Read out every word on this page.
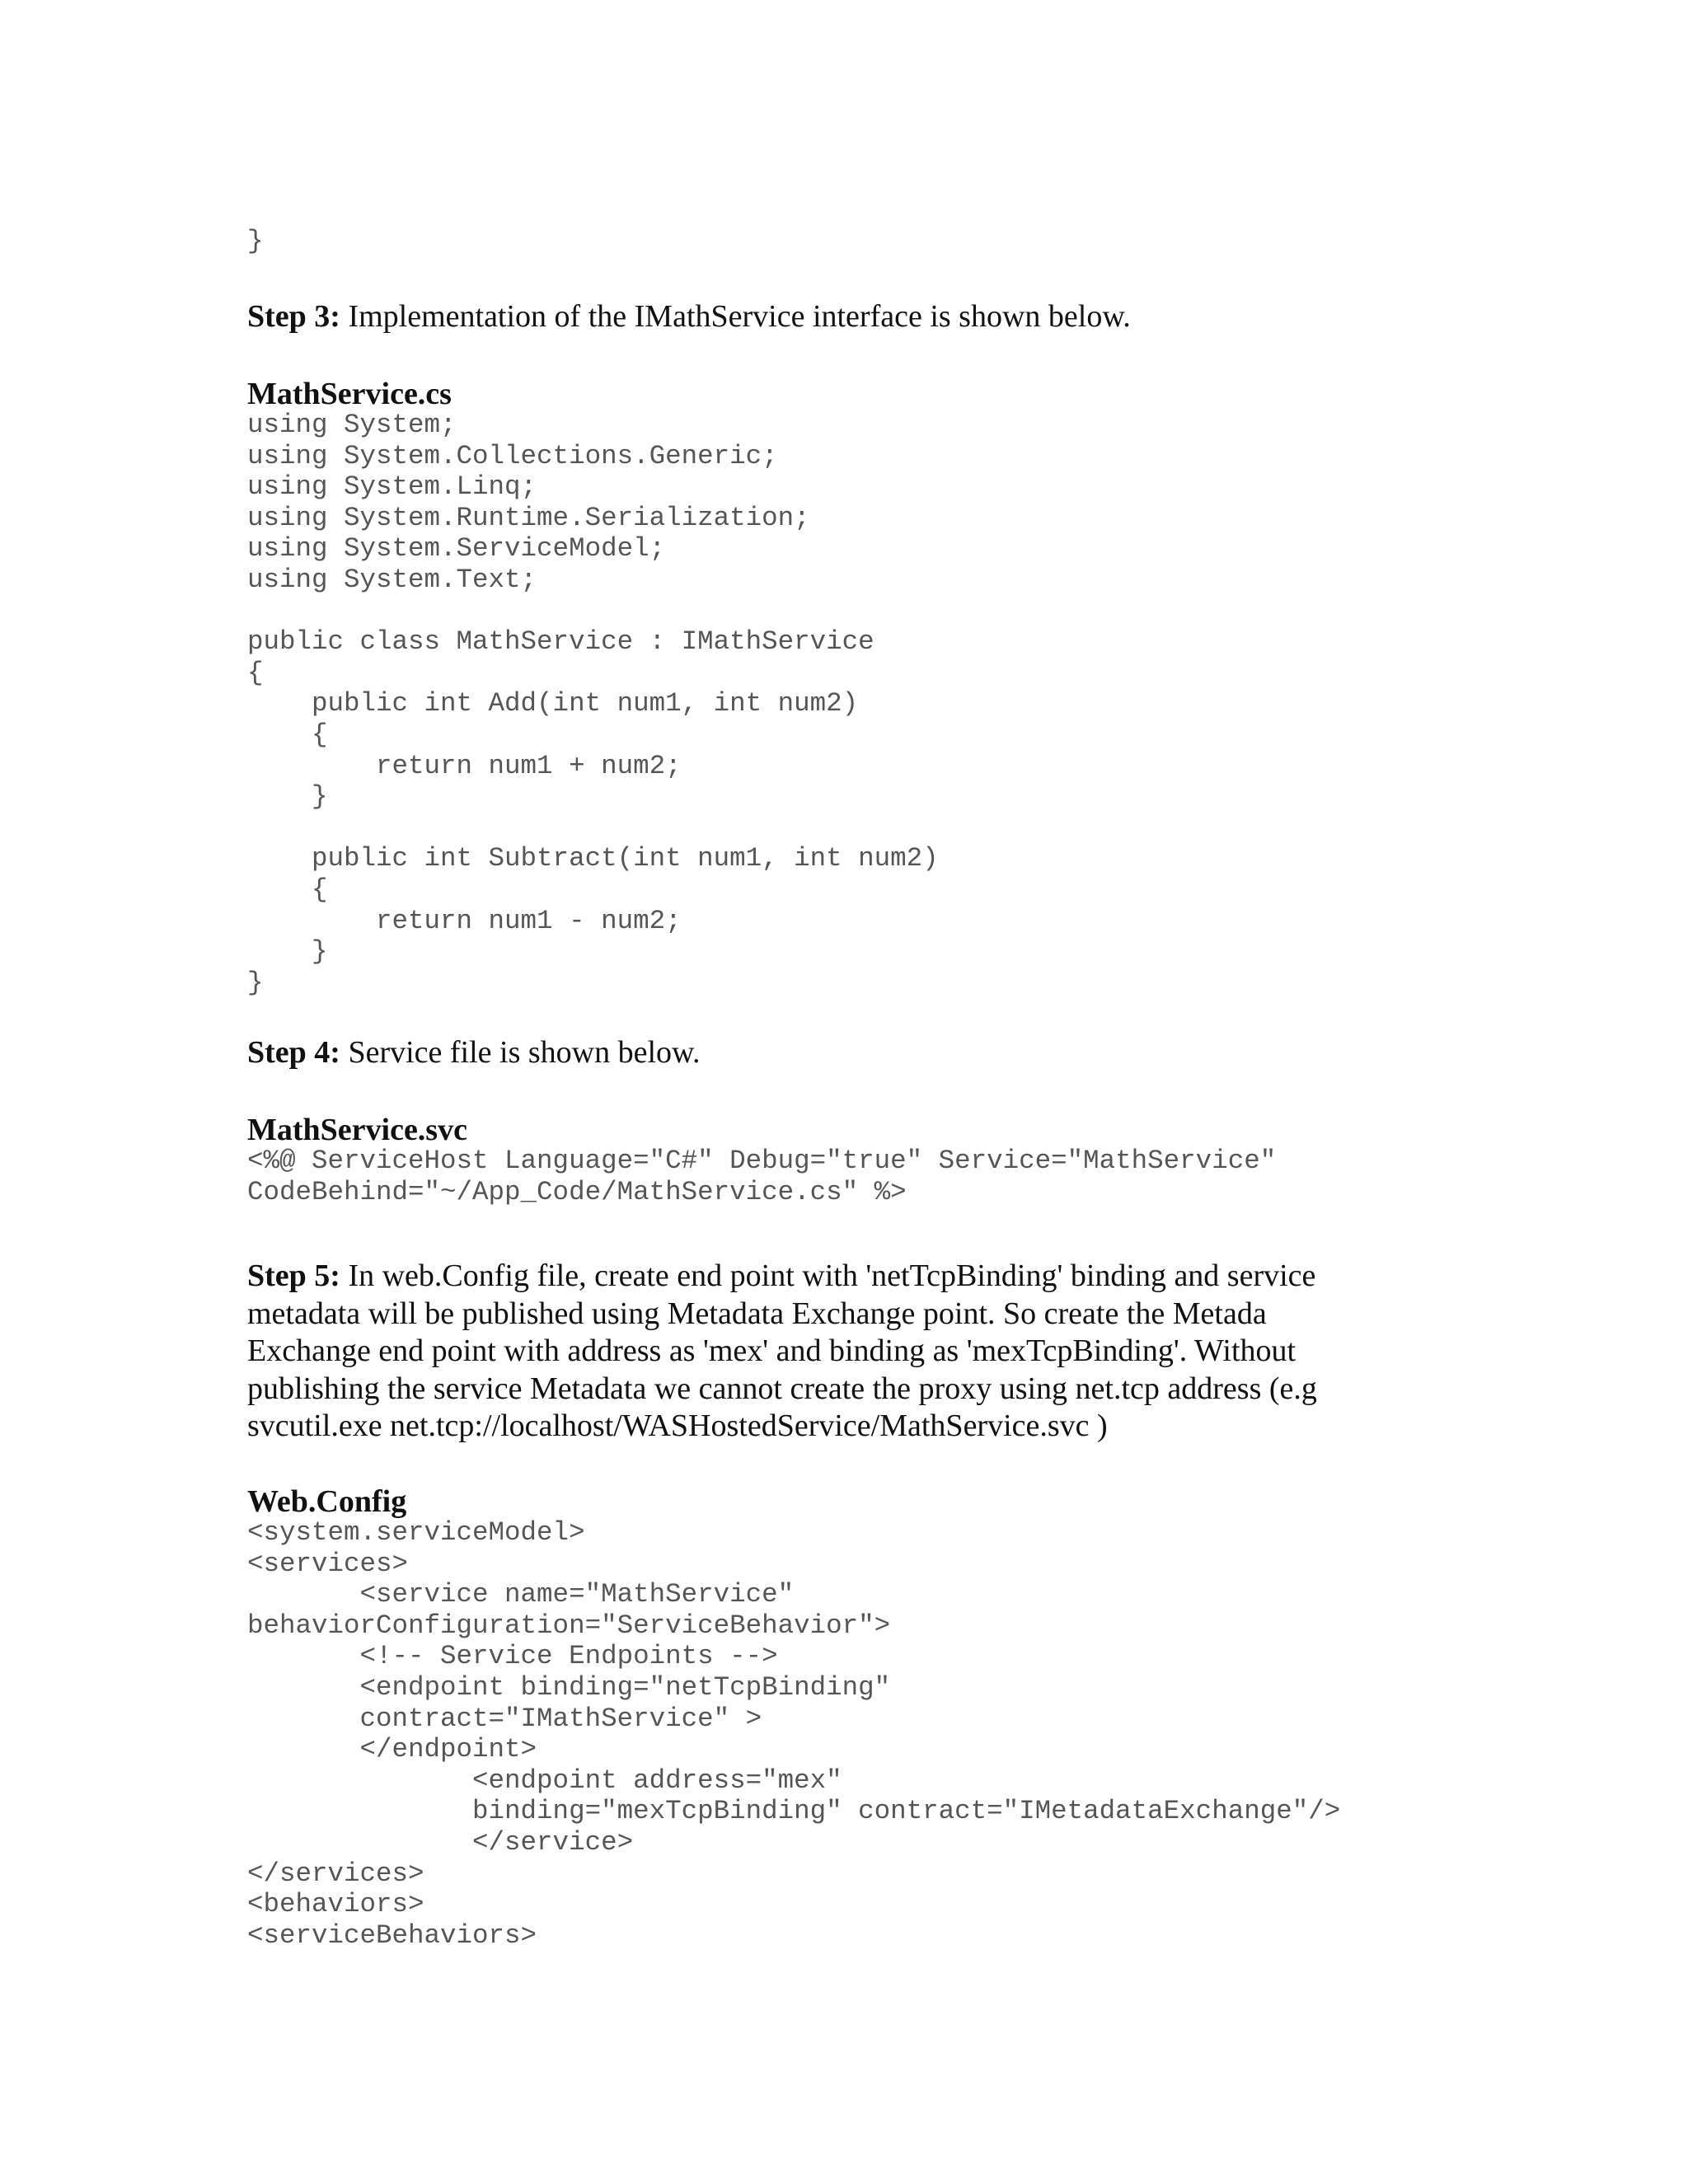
}

Step 3: Implementation of the IMathService interface is shown below.

MathService.cs
using System;
using System.Collections.Generic;
using System.Linq;
using System.Runtime.Serialization;
using System.ServiceModel;
using System.Text;

public class MathService : IMathService
{
public int Add(int num1, int num2)
{
return num1 + num2;
}

public int Subtract(int num1, int num2)
{
return num1 - num2;
}
}

Step 4: Service file is shown below.

MathService.svc
<%@ ServiceHost Language="C#" Debug="true" Service="MathService"
CodeBehind="~/App_Code/MathService.cs" %>

Step 5: In web.Config file, create end point with 'netTcpBinding' binding and service

metadata will be published using Metadata Exchange point. So create the Metada

Exchange end point with address as 'mex' and binding as 'mexTcpBinding'. Without

publishing the service Metadata we cannot create the proxy using net.tcp address (e.g

svcutil.exe net.tcp://localhost/WASHostedService/MathService.svc )

Web.Config
<system.serviceModel>
<services>
<service name="MathService"
behaviorConfiguration="ServiceBehavior">
<!-- Service Endpoints -->
<endpoint binding="netTcpBinding"
contract="IMathService" >
</endpoint>
<endpoint address="mex"
binding="mexTcpBinding" contract="IMetadataExchange"/>
</service>
</services>
<behaviors>
<serviceBehaviors>
